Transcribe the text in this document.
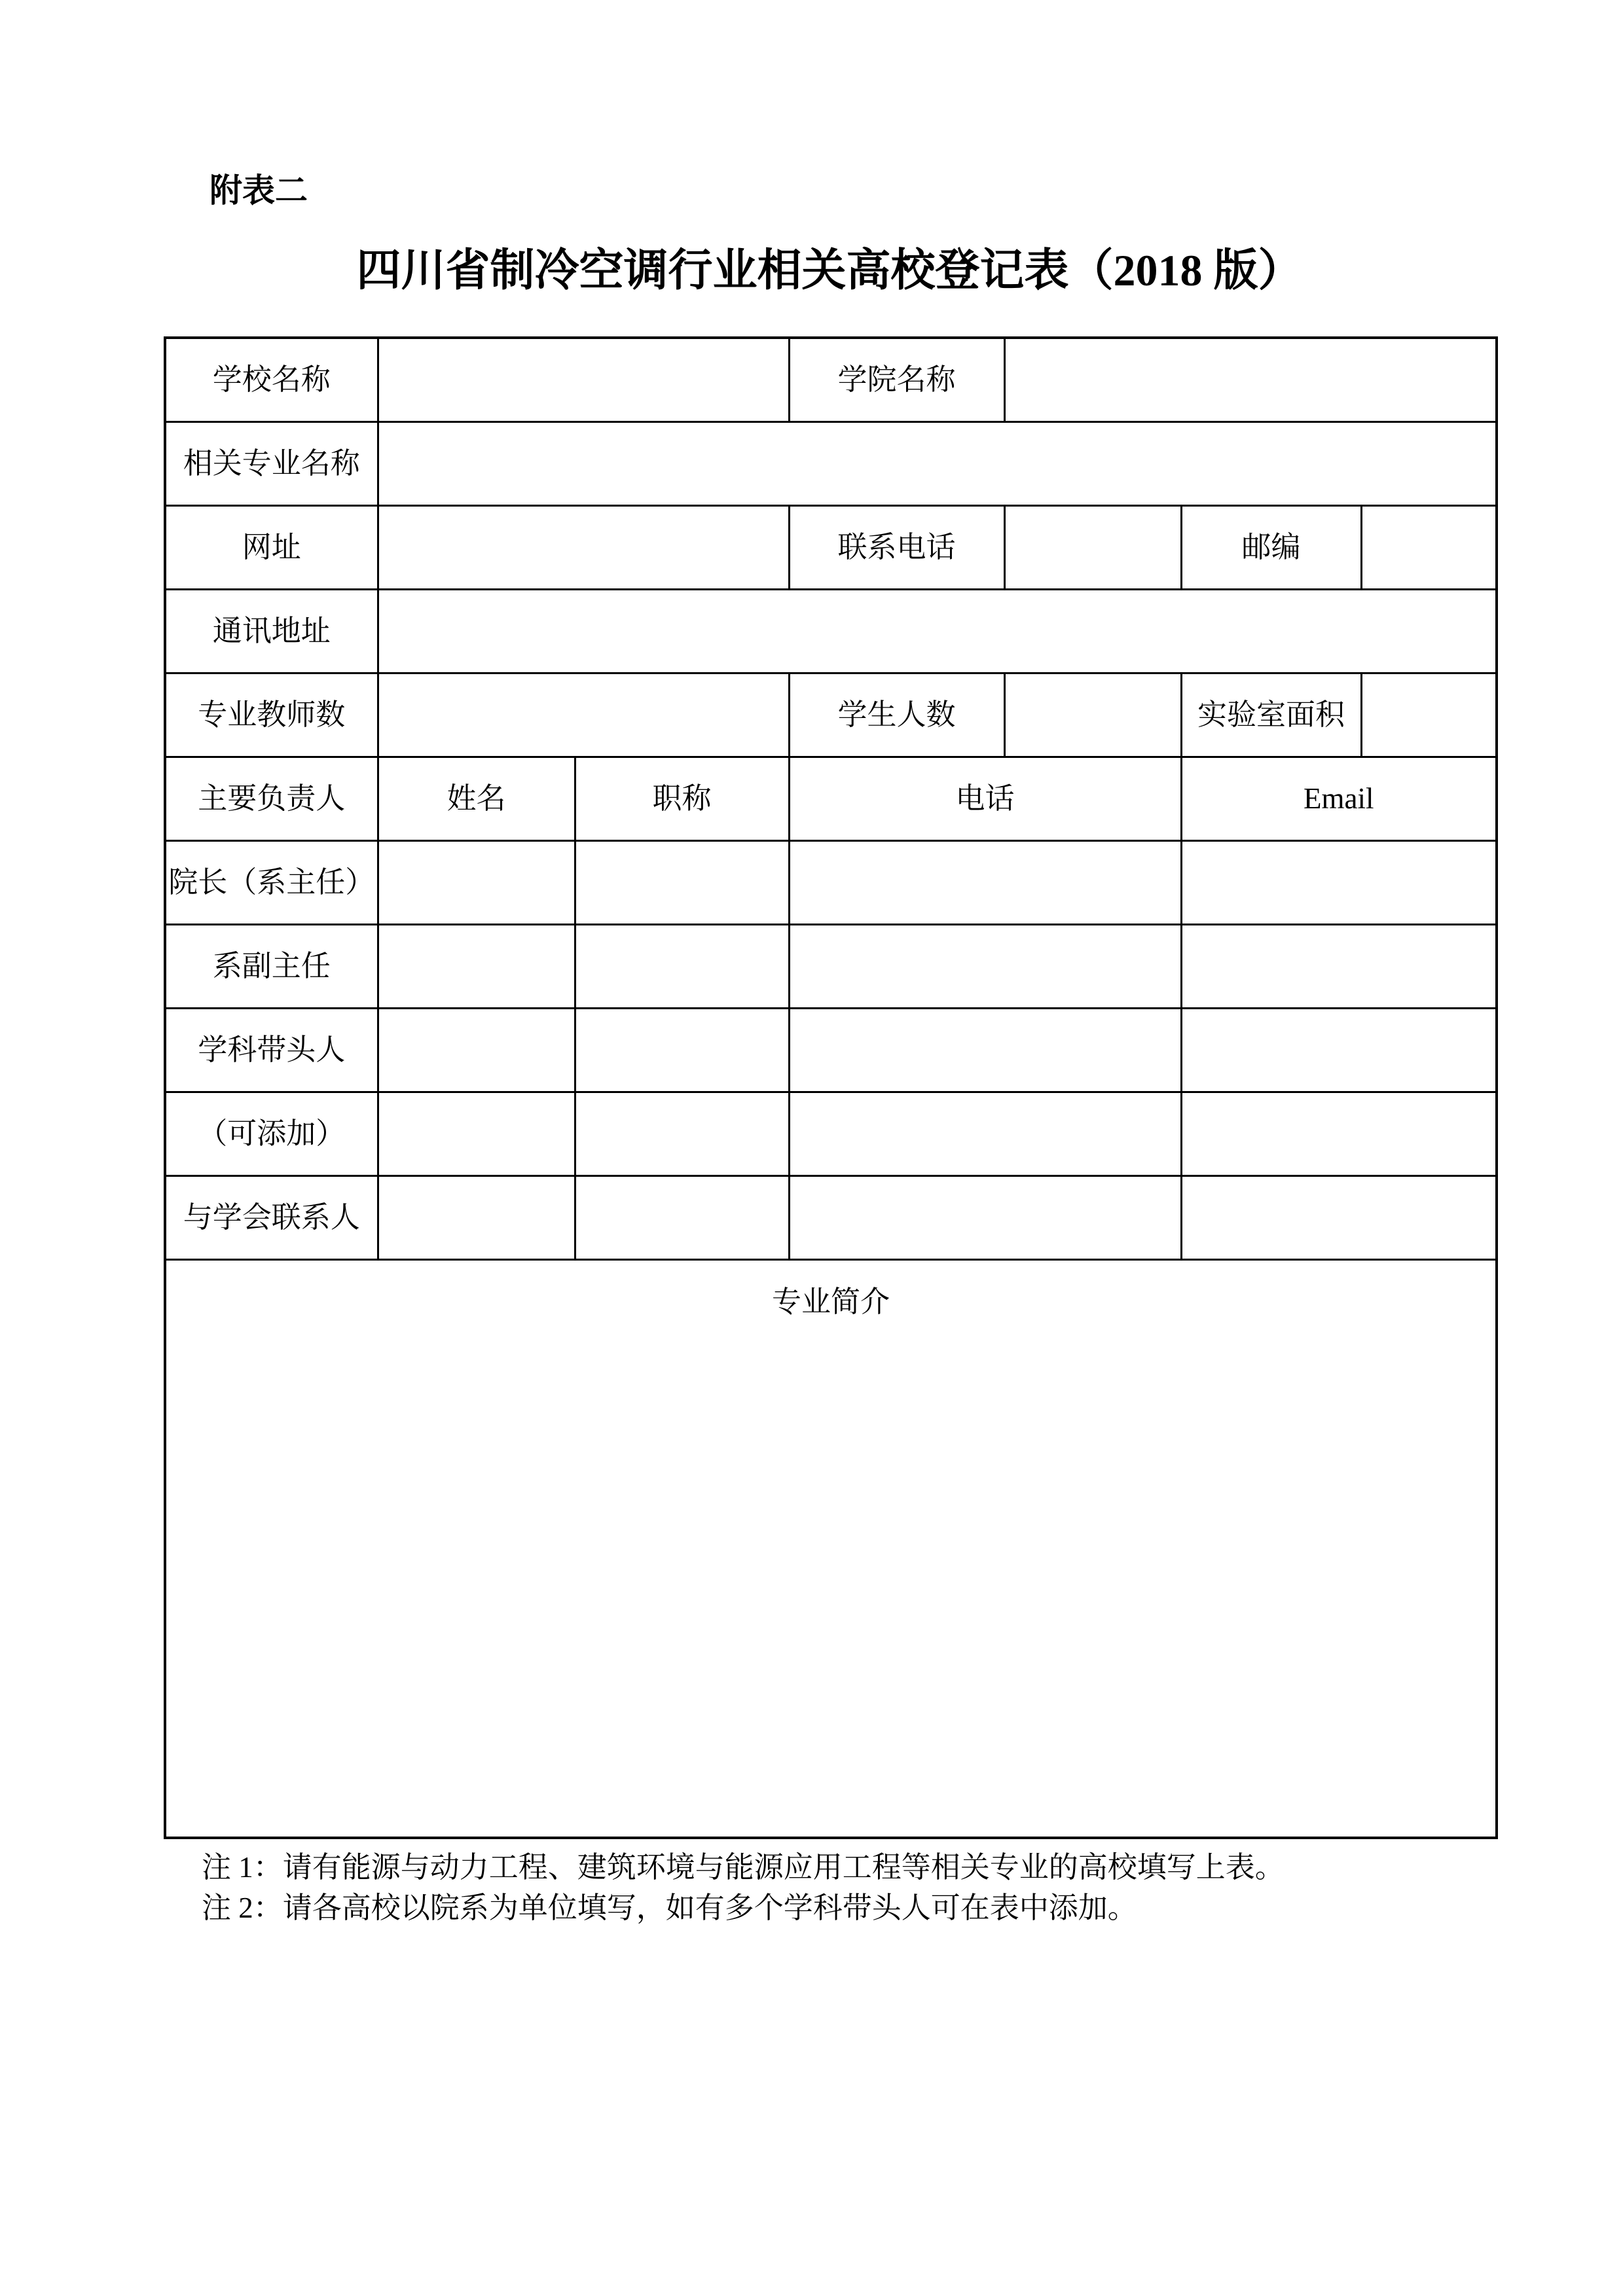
附表二
四川省制冷空调行业相关高校登记表（2018 版）
学校名称			学院名称			
相关专业名称						
网址			联系电话		邮编	
通讯地址						
专业教师数			学生人数		实验室面积	
主要负责人	姓名	职称	电话		Email	
院长（系主任）						
系副主任						
学科带头人						
（可添加）						
与学会联系人						

专业简介						
注 1：请有能源与动力工程、建筑环境与能源应用工程等相关专业的高校填写上表。
注 2：请各高校以院系为单位填写，如有多个学科带头人可在表中添加。
